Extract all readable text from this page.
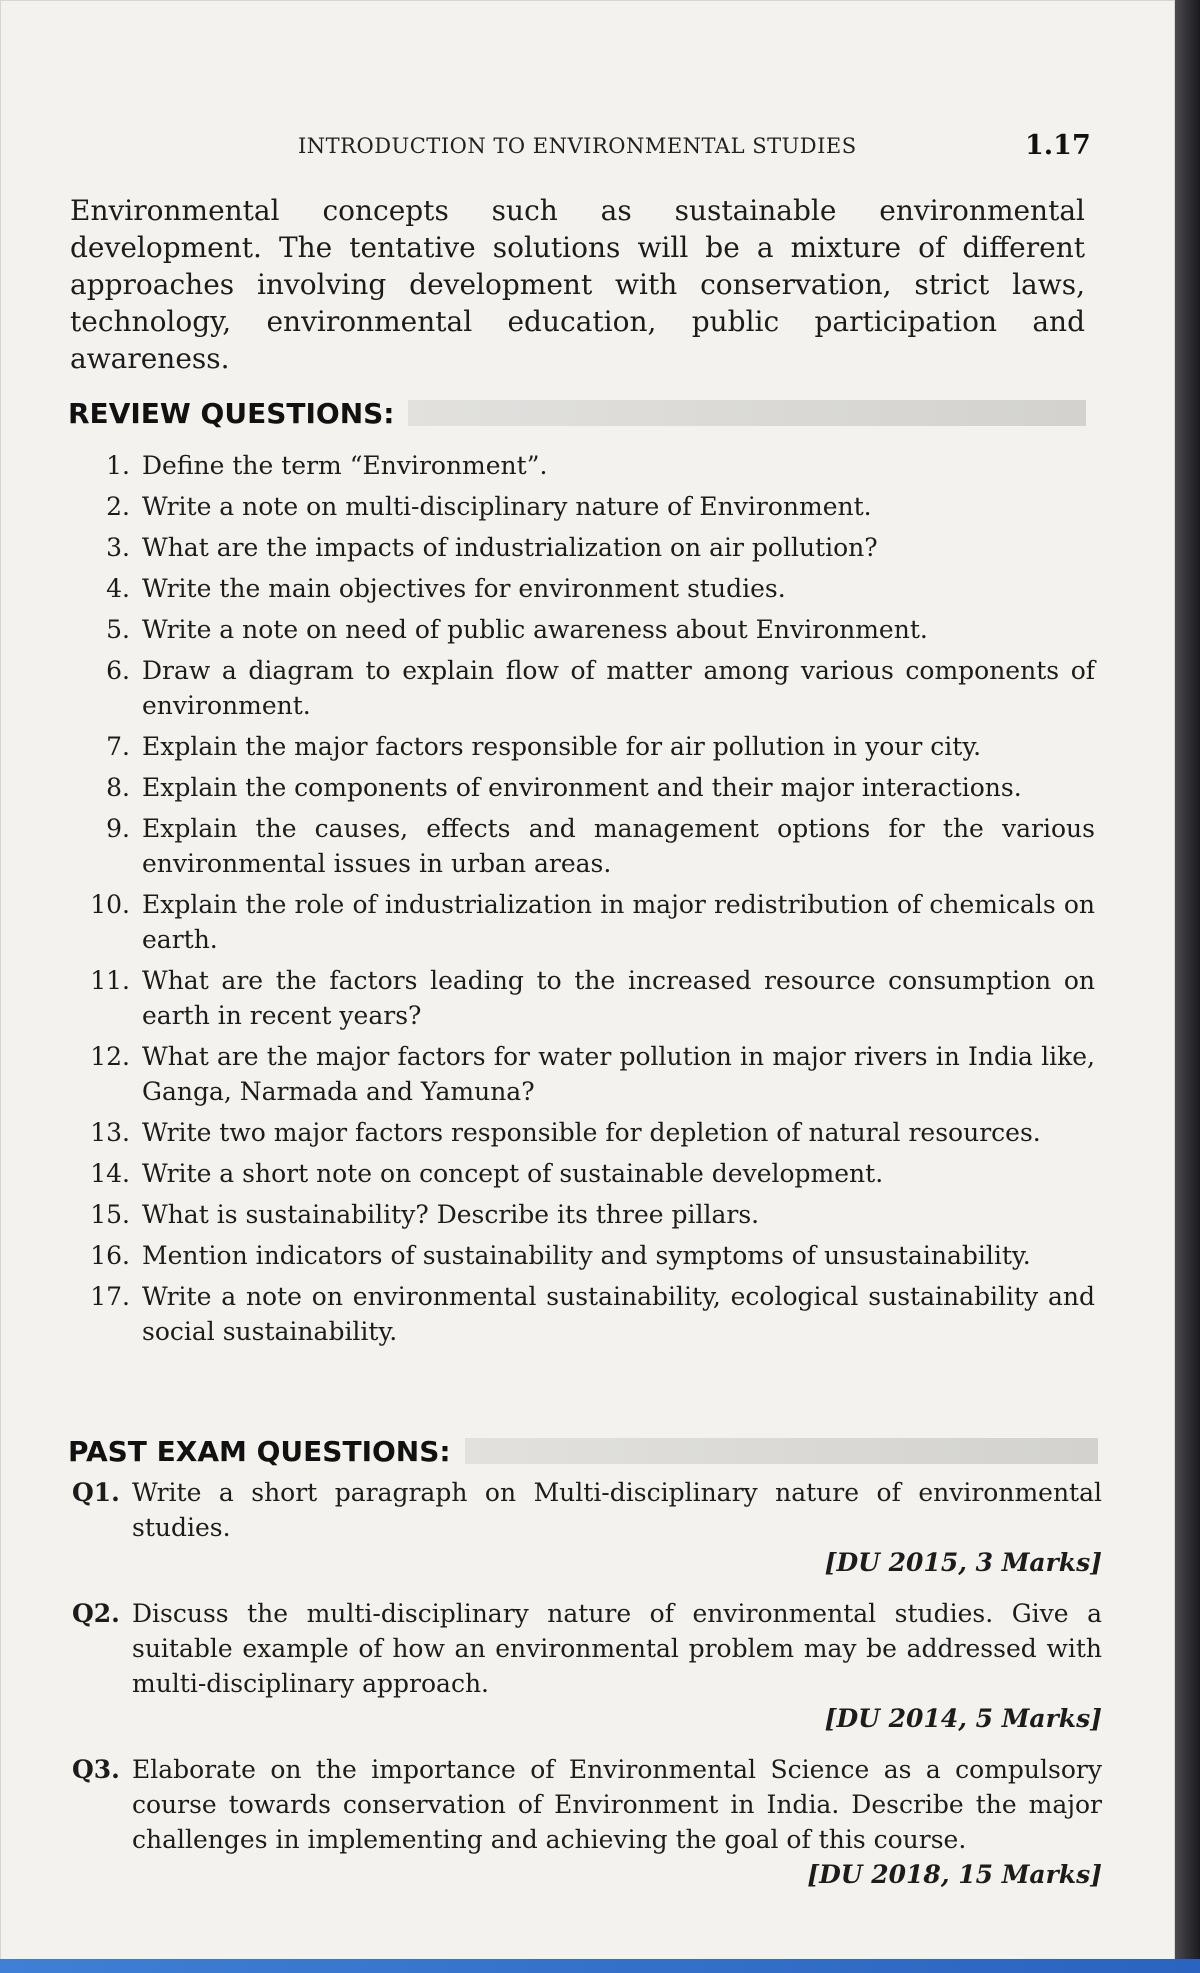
INTRODUCTION TO ENVIRONMENTAL STUDIES	1.17

Environmental concepts such as sustainable environmental development. The tentative solutions will be a mixture of different approaches involving development with conservation, strict laws, technology, environmental education, public participation and awareness.

REVIEW QUESTIONS:
1. Define the term “Environment”.
2. Write a note on multi-disciplinary nature of Environment.
3. What are the impacts of industrialization on air pollution?
4. Write the main objectives for environment studies.
5. Write a note on need of public awareness about Environment.
6. Draw a diagram to explain flow of matter among various components of environment.
7. Explain the major factors responsible for air pollution in your city.
8. Explain the components of environment and their major interactions.
9. Explain the causes, effects and management options for the various environmental issues in urban areas.
10. Explain the role of industrialization in major redistribution of chemicals on earth.
11. What are the factors leading to the increased resource consumption on earth in recent years?
12. What are the major factors for water pollution in major rivers in India like, Ganga, Narmada and Yamuna?
13. Write two major factors responsible for depletion of natural resources.
14. Write a short note on concept of sustainable development.
15. What is sustainability? Describe its three pillars.
16. Mention indicators of sustainability and symptoms of unsustainability.
17. Write a note on environmental sustainability, ecological sustainability and social sustainability.
PAST EXAM QUESTIONS:
Q1. Write a short paragraph on Multi-disciplinary nature of environmental studies.
[DU 2015, 3 Marks]
Q2. Discuss the multi-disciplinary nature of environmental studies. Give a suitable example of how an environmental problem may be addressed with multi-disciplinary approach.
[DU 2014, 5 Marks]
Q3. Elaborate on the importance of Environmental Science as a compulsory course towards conservation of Environment in India. Describe the major challenges in implementing and achieving the goal of this course.
[DU 2018, 15 Marks]
